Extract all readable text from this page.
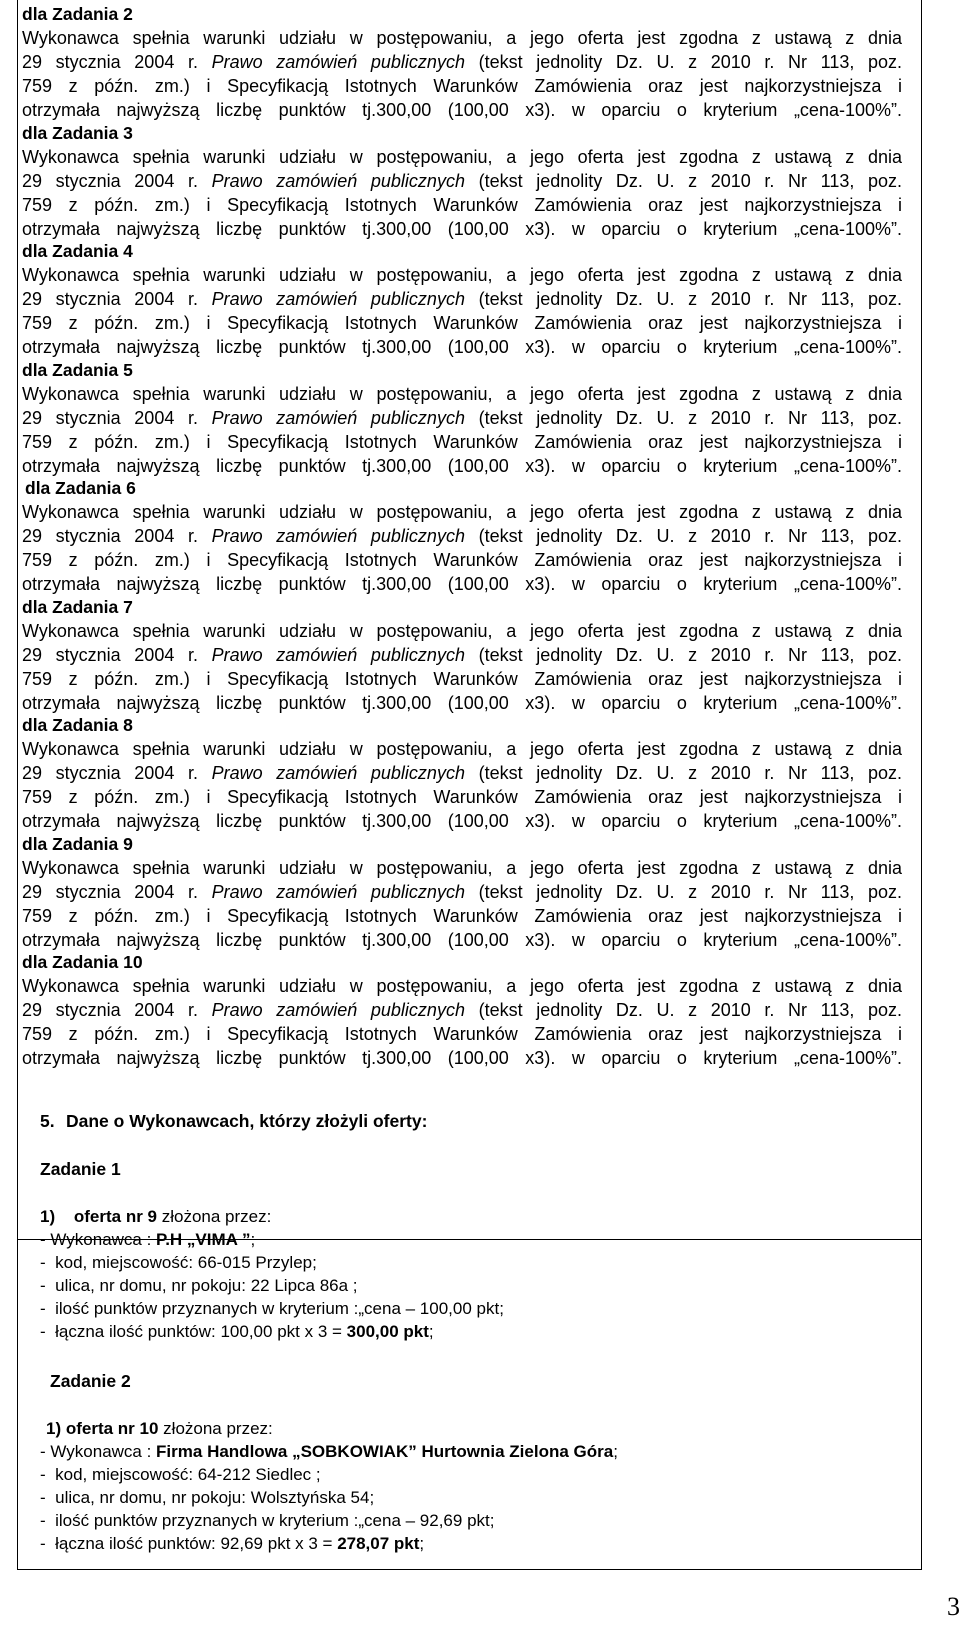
dla Zadania 2
Wykonawca spełnia warunki udziału w postępowaniu, a jego oferta jest zgodna z ustawą z dnia
29 stycznia 2004 r. Prawo zamówień publicznych (tekst jednolity Dz. U. z 2010 r. Nr 113, poz.
759 z późn. zm.) i Specyfikacją Istotnych Warunków Zamówienia oraz jest najkorzystniejsza i
otrzymała najwyższą liczbę punktów tj.300,00 (100,00 x3). w oparciu o kryterium „cena-100%”.
dla Zadania 3
Wykonawca spełnia warunki udziału w postępowaniu, a jego oferta jest zgodna z ustawą z dnia
29 stycznia 2004 r. Prawo zamówień publicznych (tekst jednolity Dz. U. z 2010 r. Nr 113, poz.
759 z późn. zm.) i Specyfikacją Istotnych Warunków Zamówienia oraz jest najkorzystniejsza i
otrzymała najwyższą liczbę punktów tj.300,00 (100,00 x3). w oparciu o kryterium „cena-100%”.
dla Zadania 4
Wykonawca spełnia warunki udziału w postępowaniu, a jego oferta jest zgodna z ustawą z dnia
29 stycznia 2004 r. Prawo zamówień publicznych (tekst jednolity Dz. U. z 2010 r. Nr 113, poz.
759 z późn. zm.) i Specyfikacją Istotnych Warunków Zamówienia oraz jest najkorzystniejsza i
otrzymała najwyższą liczbę punktów tj.300,00 (100,00 x3). w oparciu o kryterium „cena-100%”.
dla Zadania 5
Wykonawca spełnia warunki udziału w postępowaniu, a jego oferta jest zgodna z ustawą z dnia
29 stycznia 2004 r. Prawo zamówień publicznych (tekst jednolity Dz. U. z 2010 r. Nr 113, poz.
759 z późn. zm.) i Specyfikacją Istotnych Warunków Zamówienia oraz jest najkorzystniejsza i
otrzymała najwyższą liczbę punktów tj.300,00 (100,00 x3). w oparciu o kryterium „cena-100%”.
dla Zadania 6
Wykonawca spełnia warunki udziału w postępowaniu, a jego oferta jest zgodna z ustawą z dnia
29 stycznia 2004 r. Prawo zamówień publicznych (tekst jednolity Dz. U. z 2010 r. Nr 113, poz.
759 z późn. zm.) i Specyfikacją Istotnych Warunków Zamówienia oraz jest najkorzystniejsza i
otrzymała najwyższą liczbę punktów tj.300,00 (100,00 x3). w oparciu o kryterium „cena-100%”.
dla Zadania 7
Wykonawca spełnia warunki udziału w postępowaniu, a jego oferta jest zgodna z ustawą z dnia
29 stycznia 2004 r. Prawo zamówień publicznych (tekst jednolity Dz. U. z 2010 r. Nr 113, poz.
759 z późn. zm.) i Specyfikacją Istotnych Warunków Zamówienia oraz jest najkorzystniejsza i
otrzymała najwyższą liczbę punktów tj.300,00 (100,00 x3). w oparciu o kryterium „cena-100%”.
dla Zadania 8
Wykonawca spełnia warunki udziału w postępowaniu, a jego oferta jest zgodna z ustawą z dnia
29 stycznia 2004 r. Prawo zamówień publicznych (tekst jednolity Dz. U. z 2010 r. Nr 113, poz.
759 z późn. zm.) i Specyfikacją Istotnych Warunków Zamówienia oraz jest najkorzystniejsza i
otrzymała najwyższą liczbę punktów tj.300,00 (100,00 x3). w oparciu o kryterium „cena-100%”.
dla Zadania 9
Wykonawca spełnia warunki udziału w postępowaniu, a jego oferta jest zgodna z ustawą z dnia
29 stycznia 2004 r. Prawo zamówień publicznych (tekst jednolity Dz. U. z 2010 r. Nr 113, poz.
759 z późn. zm.) i Specyfikacją Istotnych Warunków Zamówienia oraz jest najkorzystniejsza i
otrzymała najwyższą liczbę punktów tj.300,00 (100,00 x3). w oparciu o kryterium „cena-100%”.
dla Zadania 10
Wykonawca spełnia warunki udziału w postępowaniu, a jego oferta jest zgodna z ustawą z dnia
29 stycznia 2004 r. Prawo zamówień publicznych (tekst jednolity Dz. U. z 2010 r. Nr 113, poz.
759 z późn. zm.) i Specyfikacją Istotnych Warunków Zamówienia oraz jest najkorzystniejsza i
otrzymała najwyższą liczbę punktów tj.300,00 (100,00 x3). w oparciu o kryterium „cena-100%”.
5. Dane o Wykonawcach, którzy złożyli oferty:
Zadanie 1
1) oferta nr 9 złożona przez:
- Wykonawca : P.H „VIMA ”;
-  kod, miejscowość: 66-015 Przylep;
-  ulica, nr domu, nr pokoju: 22 Lipca 86a ;
-  ilość punktów przyznanych w kryterium :„cena – 100,00 pkt;
-  łączna ilość punktów: 100,00 pkt x 3 = 300,00 pkt;
Zadanie 2
1) oferta nr 10 złożona przez:
- Wykonawca : Firma Handlowa „SOBKOWIAK” Hurtownia Zielona Góra;
-  kod, miejscowość: 64-212 Siedlec ;
-  ulica, nr domu, nr pokoju: Wolsztyńska 54;
-  ilość punktów przyznanych w kryterium :„cena – 92,69 pkt;
-  łączna ilość punktów: 92,69 pkt x 3 = 278,07 pkt;
3
